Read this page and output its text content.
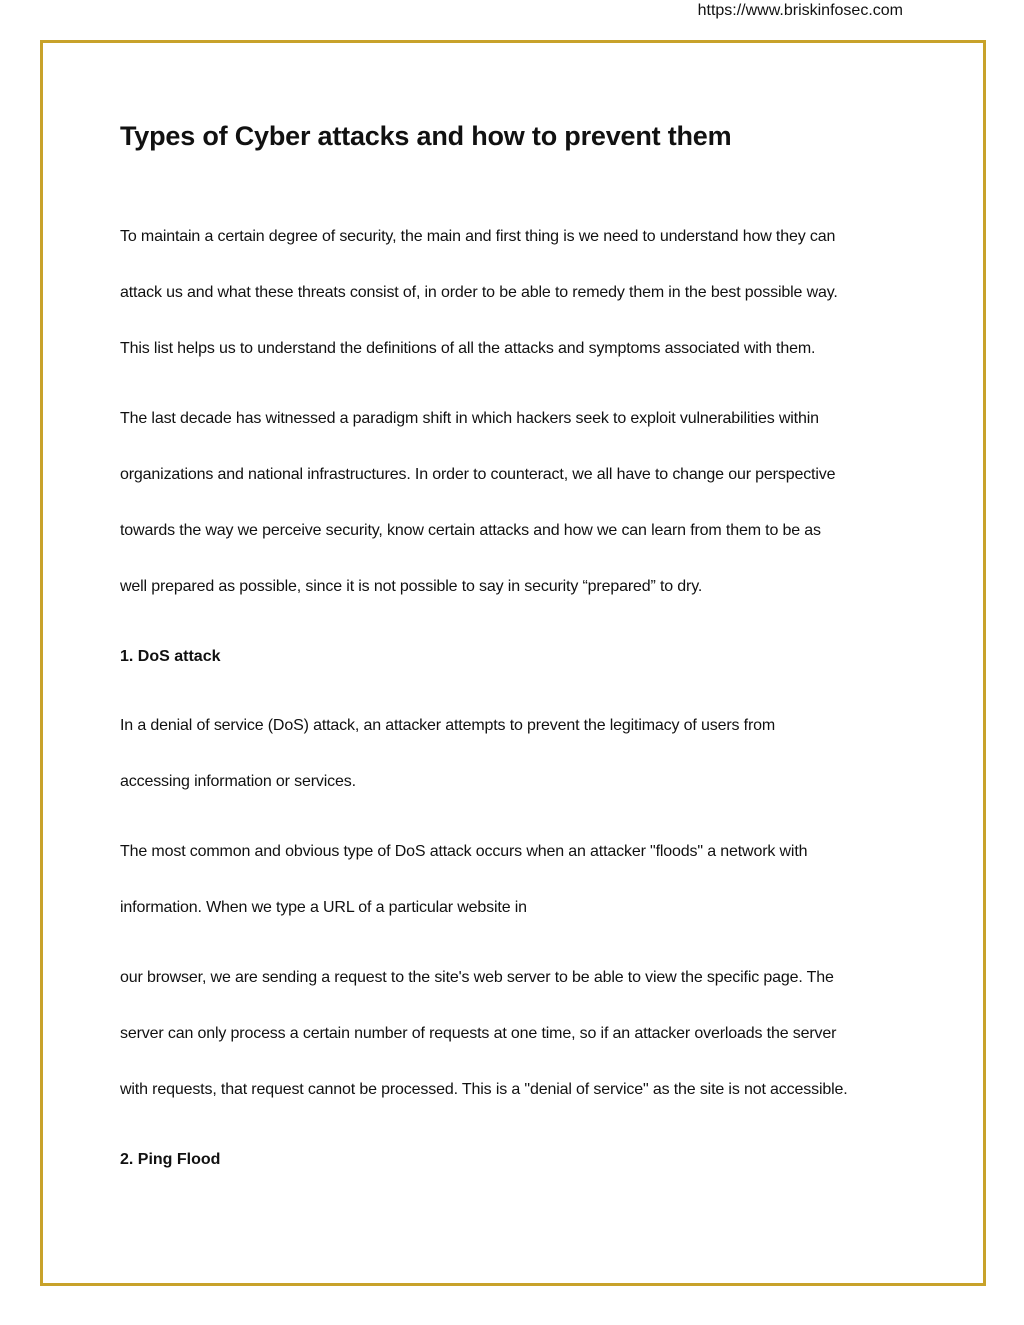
https://www.briskinfosec.com
Types of Cyber attacks and how to prevent them
To maintain a certain degree of security, the main and first thing is we need to understand how they can
attack us and what these threats consist of, in order to be able to remedy them in the best possible way.
This list helps us to understand the definitions of all the attacks and symptoms associated with them.
The last decade has witnessed a paradigm shift in which hackers seek to exploit vulnerabilities within
organizations and national infrastructures. In order to counteract, we all have to change our perspective
towards the way we perceive security, know certain attacks and how we can learn from them to be as
well prepared as possible, since it is not possible to say in security “prepared” to dry.
1. DoS attack
In a denial of service (DoS) attack, an attacker attempts to prevent the legitimacy of users from
accessing information or services.
The most common and obvious type of DoS attack occurs when an attacker "floods" a network with
information. When we type a URL of a particular website in
our browser, we are sending a request to the site's web server to be able to view the specific page. The
server can only process a certain number of requests at one time, so if an attacker overloads the server
with requests, that request cannot be processed. This is a "denial of service" as the site is not accessible.
2. Ping Flood
